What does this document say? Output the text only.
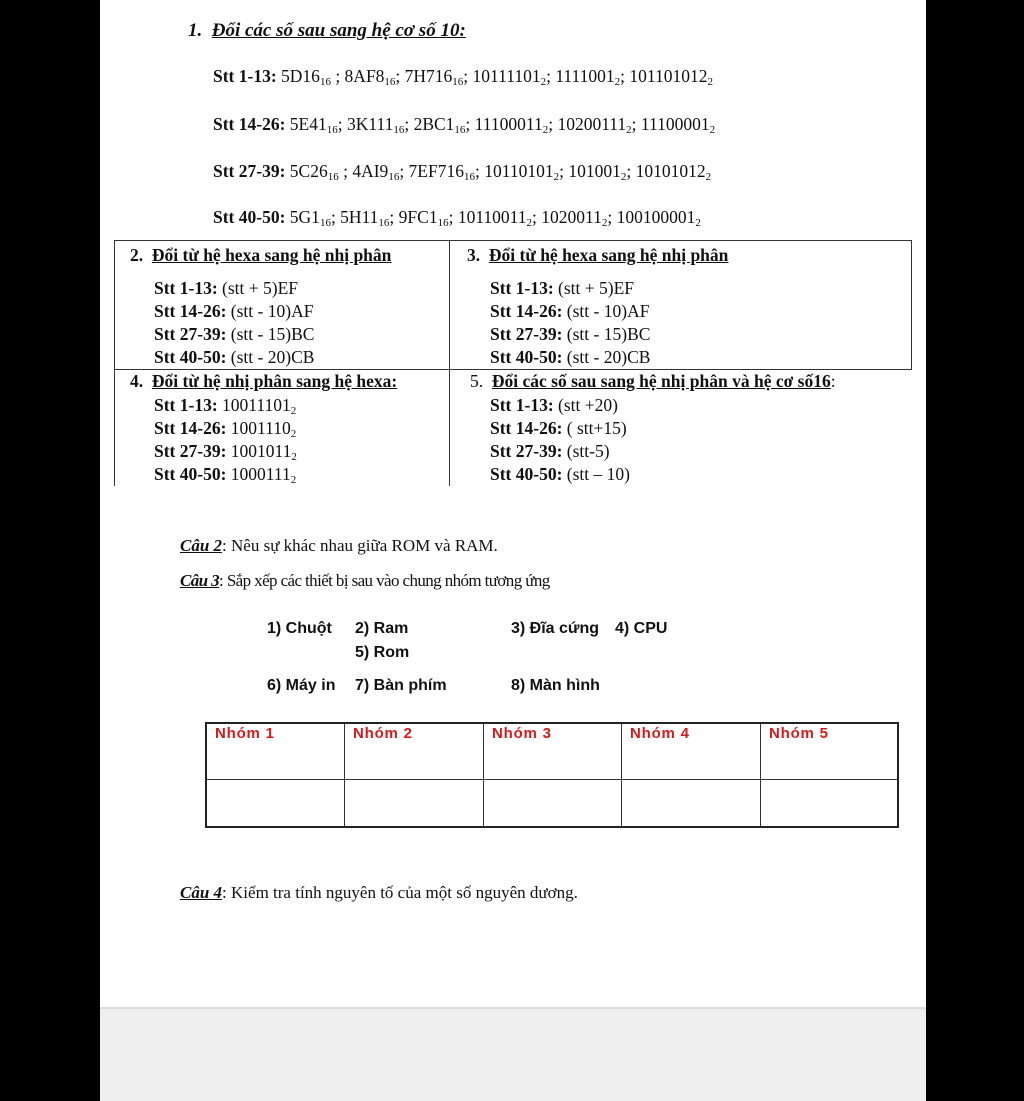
1. Đổi các số sau sang hệ cơ số 10:
Stt 1-13: $5D16_{16}$ ; $8AF8_{16}$; $7H716_{16}$; $10111101_2$; $1111001_2$; $101101012_2$
Stt 14-26: $5E41_{16}$; $3K111_{16}$; $2BC1_{16}$; $11100011_2$; $10200111_2$; $11100001_2$
Stt 27-39: $5C26_{16}$ ; $4AI9_{16}$; $7EF716_{16}$; $10110101_2$; $101001_2$; $10101012_2$
Stt 40-50: $5G1_{16}$; $5H11_{16}$; $9FC1_{16}$; $10110011_2$; $1020011_2$; $100100001_2$
2. Đổi từ hệ hexa sang hệ nhị phân
Stt 1-13: (stt + 5)EF
Stt 14-26: (stt - 10)AF
Stt 27-39: (stt - 15)BC
Stt 40-50: (stt - 20)CB
3. Đổi từ hệ hexa sang hệ nhị phân
Stt 1-13: (stt + 5)EF
Stt 14-26: (stt - 10)AF
Stt 27-39: (stt - 15)BC
Stt 40-50: (stt - 20)CB
4. Đổi từ hệ nhị phân sang hệ hexa:
Stt 1-13: $10011101_2$
Stt 14-26: $1001110_2$
Stt 27-39: $1001011_2$
Stt 40-50: $1000111_2$
5. Đổi các số sau sang hệ nhị phân và hệ cơ số16:
Stt 1-13: (stt +20)
Stt 14-26: ( stt+15)
Stt 27-39: (stt-5)
Stt 40-50: (stt – 10)
Câu 2: Nêu sự khác nhau giữa ROM và RAM.
Câu 3: Sắp xếp các thiết bị sau vào chung nhóm tương ứng
1) Chuột 2) Ram	3) Đĩa cứng 4) CPU
5) Rom
6) Máy in 7) Bàn phím	8) Màn hình
Nhóm 1	Nhóm 2	Nhóm 3	Nhóm 4	Nhóm 5
Câu 4: Kiểm tra tính nguyên tố của một số nguyên dương.
